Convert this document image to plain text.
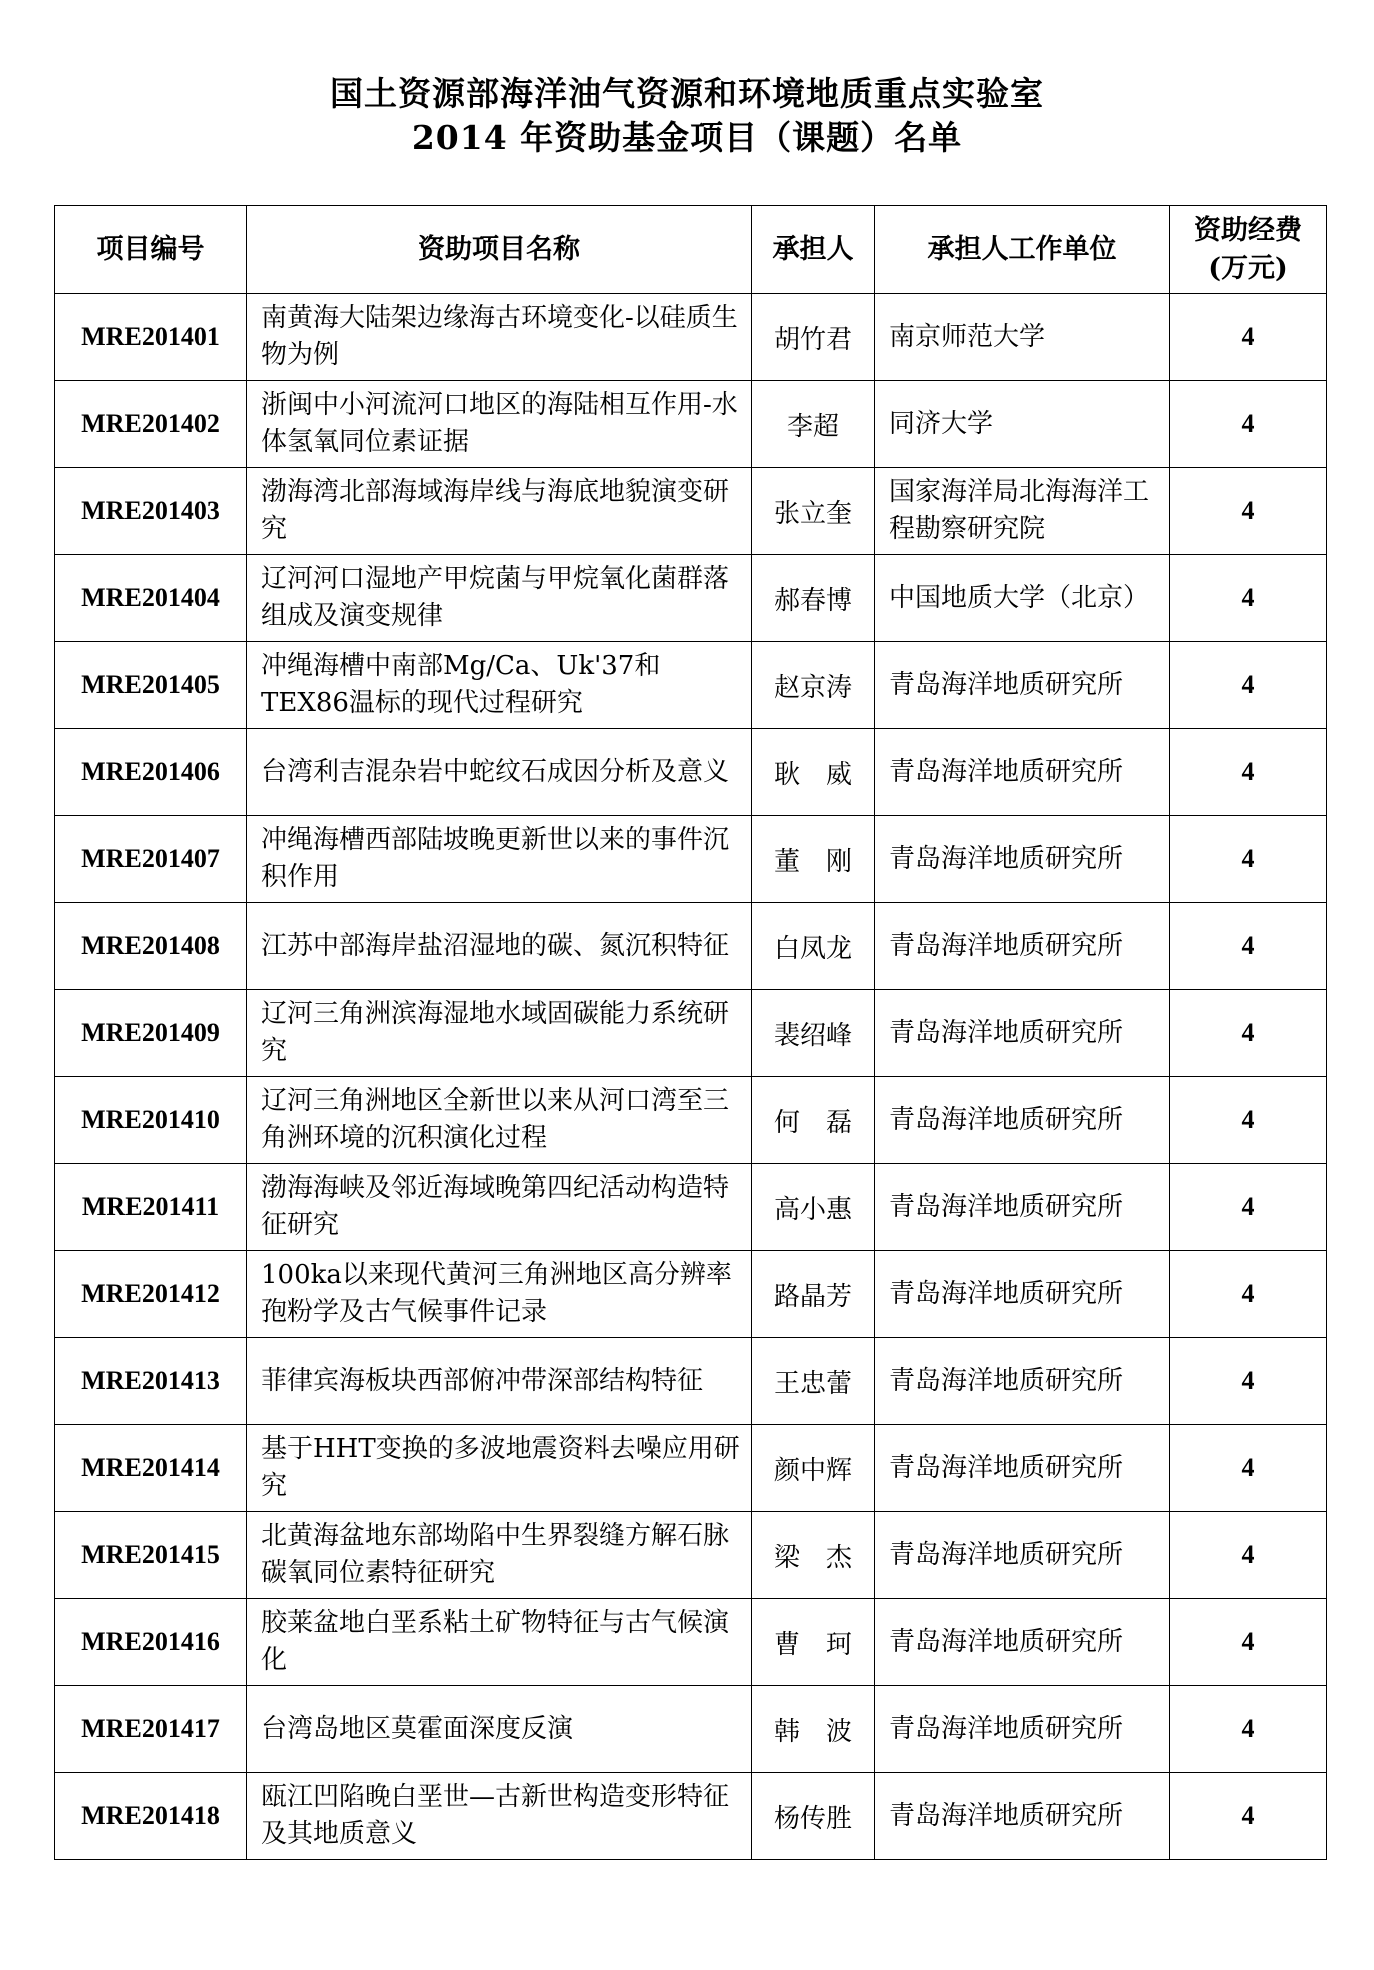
国土资源部海洋油气资源和环境地质重点实验室
2014 年资助基金项目（课题）名单
项目编号	资助项目名称	承担人	承担人工作单位	资助经费
(万元)

MRE201401	南黄海大陆架边缘海古环境变化-以硅质生物为例	胡竹君	南京师范大学	4
MRE201402	浙闽中小河流河口地区的海陆相互作用-水体氢氧同位素证据	李超	同济大学	4
MRE201403	渤海湾北部海域海岸线与海底地貌演变研究	张立奎	国家海洋局北海海洋工程勘察研究院	4
MRE201404	辽河河口湿地产甲烷菌与甲烷氧化菌群落组成及演变规律	郝春博	中国地质大学（北京）	4
MRE201405	冲绳海槽中南部Mg/Ca、Uk'37和TEX86温标的现代过程研究	赵京涛	青岛海洋地质研究所	4
MRE201406	台湾利吉混杂岩中蛇纹石成因分析及意义	耿　威	青岛海洋地质研究所	4
MRE201407	冲绳海槽西部陆坡晚更新世以来的事件沉积作用	董　刚	青岛海洋地质研究所	4
MRE201408	江苏中部海岸盐沼湿地的碳、氮沉积特征	白凤龙	青岛海洋地质研究所	4
MRE201409	辽河三角洲滨海湿地水域固碳能力系统研究	裴绍峰	青岛海洋地质研究所	4
MRE201410	辽河三角洲地区全新世以来从河口湾至三角洲环境的沉积演化过程	何　磊	青岛海洋地质研究所	4
MRE201411	渤海海峡及邻近海域晚第四纪活动构造特征研究	高小惠	青岛海洋地质研究所	4
MRE201412	100ka以来现代黄河三角洲地区高分辨率孢粉学及古气候事件记录	路晶芳	青岛海洋地质研究所	4
MRE201413	菲律宾海板块西部俯冲带深部结构特征	王忠蕾	青岛海洋地质研究所	4
MRE201414	基于HHT变换的多波地震资料去噪应用研究	颜中辉	青岛海洋地质研究所	4
MRE201415	北黄海盆地东部坳陷中生界裂缝方解石脉碳氧同位素特征研究	梁　杰	青岛海洋地质研究所	4
MRE201416	胶莱盆地白垩系粘土矿物特征与古气候演化	曹　珂	青岛海洋地质研究所	4
MRE201417	台湾岛地区莫霍面深度反演	韩　波	青岛海洋地质研究所	4
MRE201418	瓯江凹陷晚白垩世—古新世构造变形特征及其地质意义	杨传胜	青岛海洋地质研究所	4
